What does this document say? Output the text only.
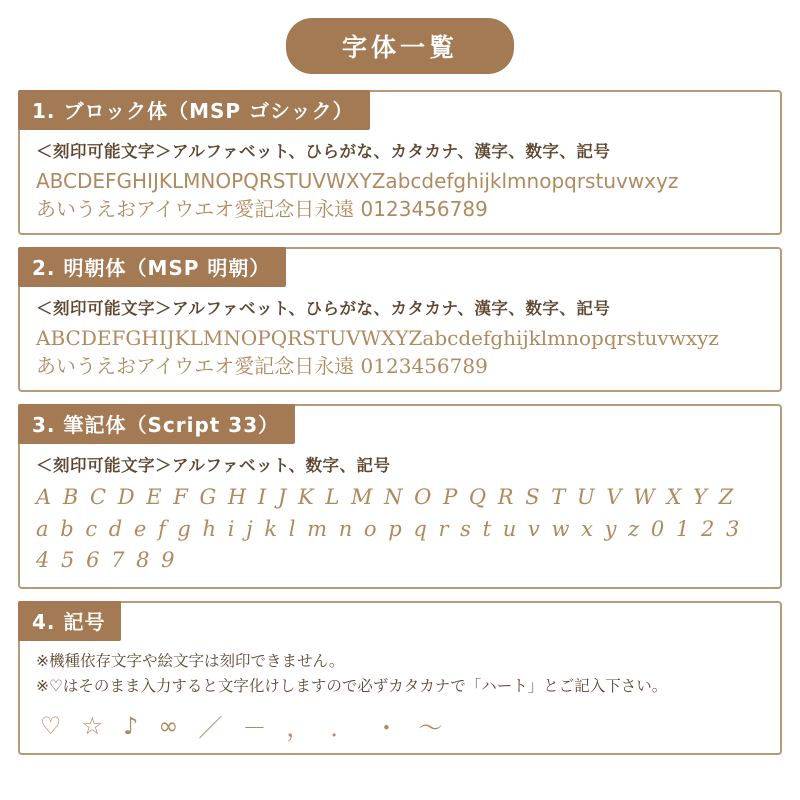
字体一覧
1. ブロック体（MSP ゴシック）
＜刻印可能文字＞アルファベット、ひらがな、カタカナ、漢字、数字、記号
ABCDEFGHIJKLMNOPQRSTUVWXYZabcdefghijklmnopqrstuvwxyz
あいうえおアイウエオ愛記念日永遠 0123456789
2. 明朝体（MSP 明朝）
＜刻印可能文字＞アルファベット、ひらがな、カタカナ、漢字、数字、記号
ABCDEFGHIJKLMNOPQRSTUVWXYZabcdefghijklmnopqrstuvwxyz
あいうえおアイウエオ愛記念日永遠 0123456789
3. 筆記体（Script 33）
＜刻印可能文字＞アルファベット、数字、記号
A B C D E F G H I J K L M N O P Q R S T U V W X Y Z
a b c d e f g h i j k l m n o p q r s t u v w x y z 0 1 2 3 4 5 6 7 8 9
4. 記号
※機種依存文字や絵文字は刻印できません。
※♡はそのまま入力すると文字化けしますので必ずカタカナで「ハート」とご記入下さい。
♡ ☆ ♪ ∞ ／ － ， ． ・ ～
